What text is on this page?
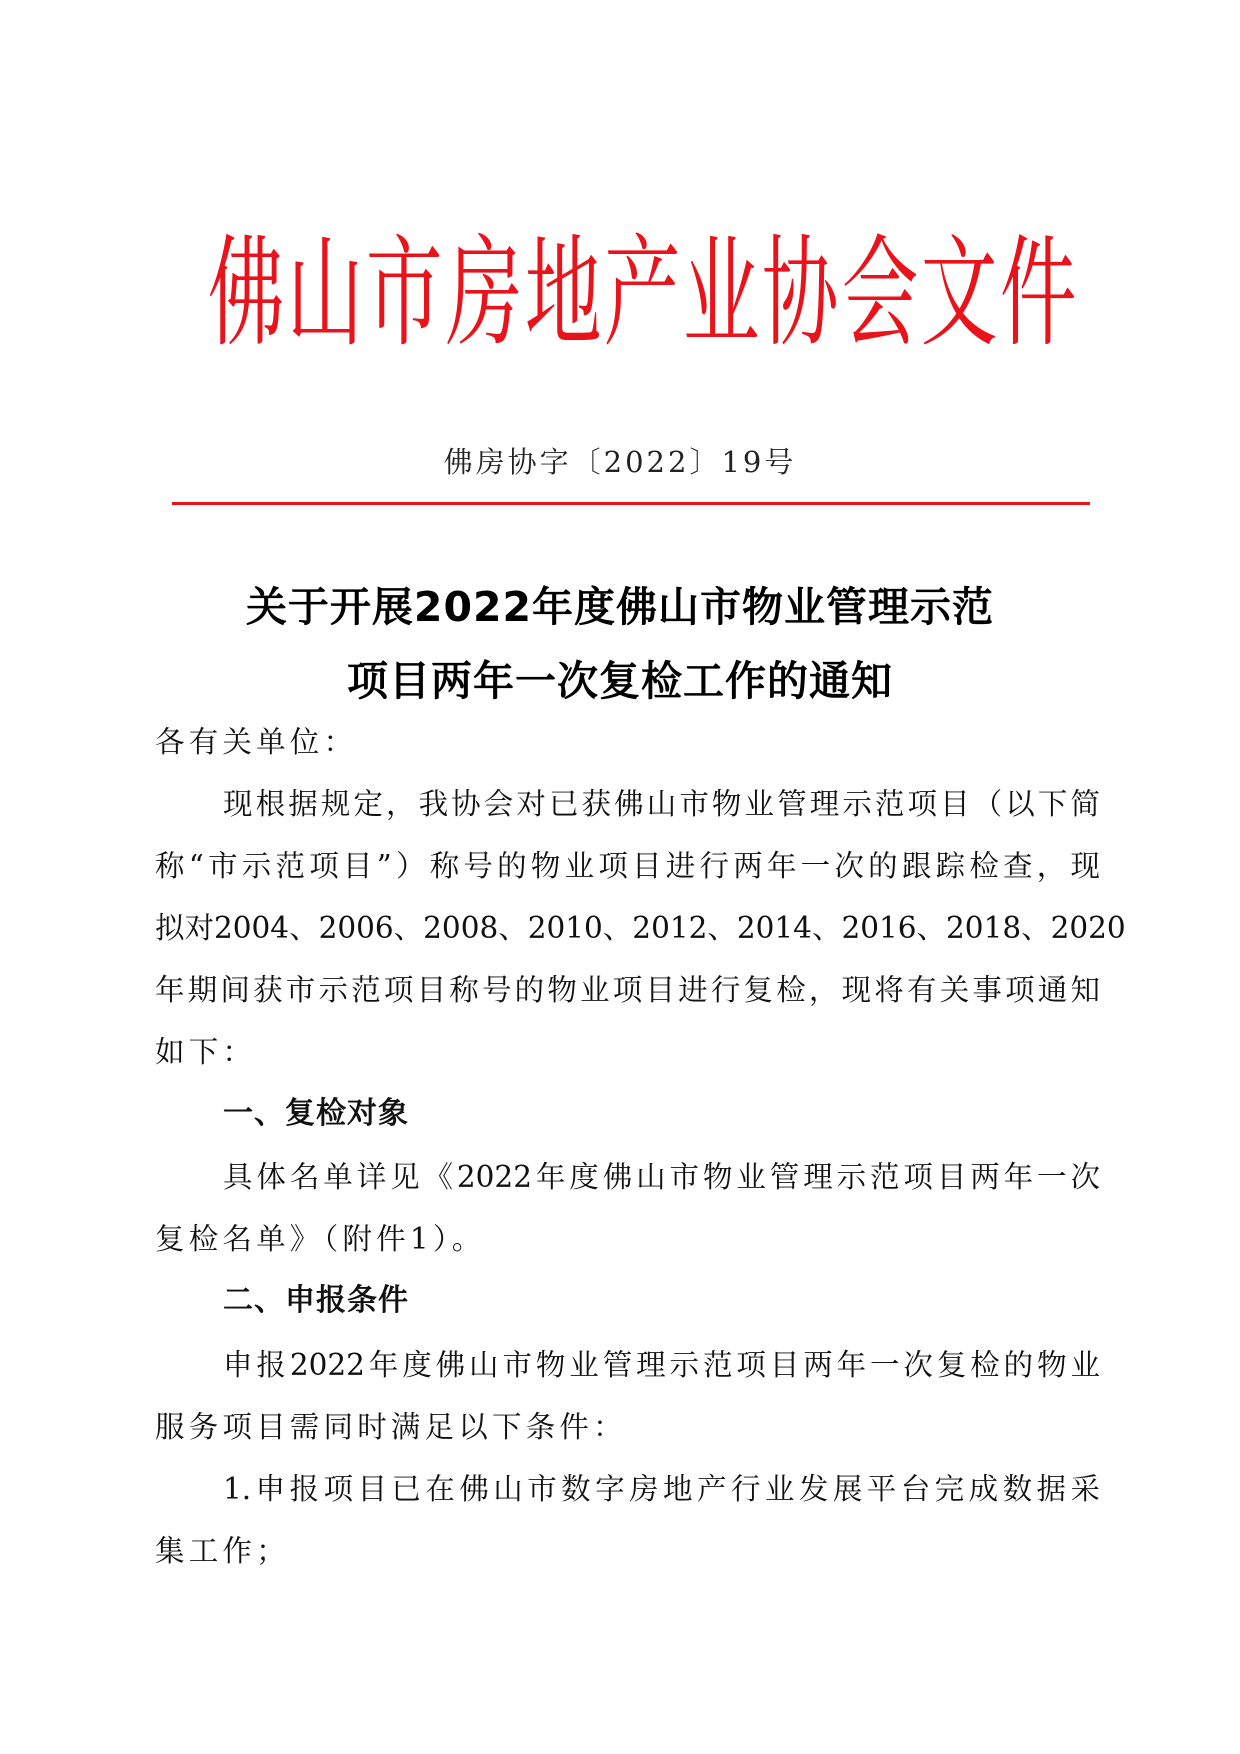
佛 山 市 房 地 产 业 协 会 文 件
佛房协字〔2022〕19号
关于开展2022年度佛山市物业管理示范
项目两年一次复检工作的通知
各有关单位：
现根据规定，我协会对已获佛山市物业管理示范项目（以下简
称“市示范项目”）称号的物业项目进行两年一次的跟踪检查，现
拟对2004、2006、2008、2010、2012、2014、2016、2018、2020
年期间获市示范项目称号的物业项目进行复检，现将有关事项通知
如下：
一、复检对象
具体名单详见《2022年度佛山市物业管理示范项目两年一次
复检名单》（附件1）。
二、申报条件
申报2022年度佛山市物业管理示范项目两年一次复检的物业
服务项目需同时满足以下条件：
1.申报项目已在佛山市数字房地产行业发展平台完成数据采
集工作；
